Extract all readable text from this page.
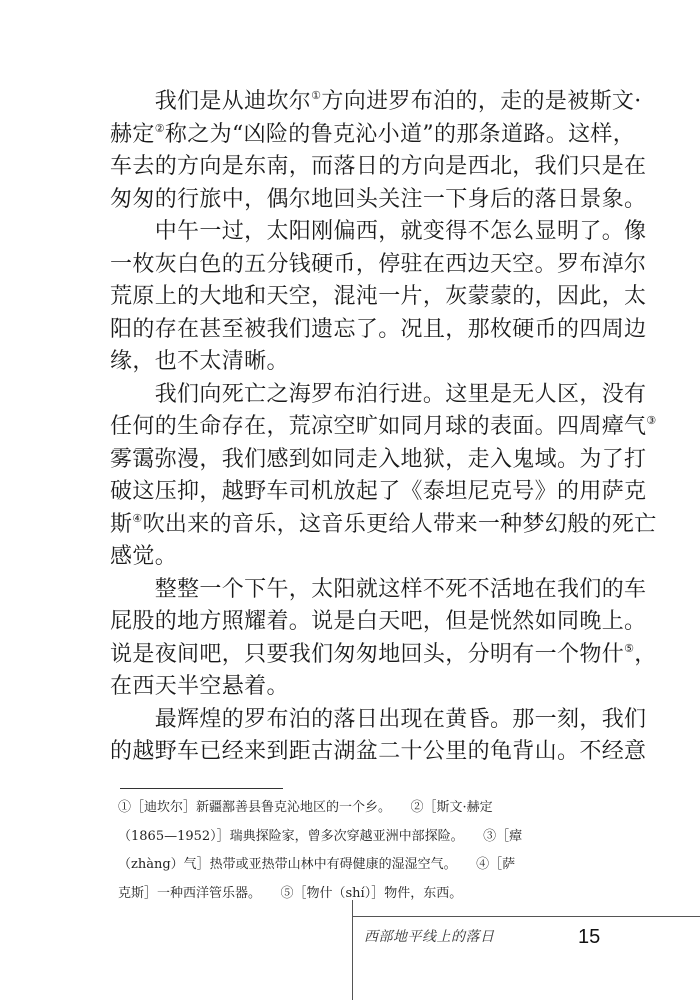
　　我们是从迪坎尔①方向进罗布泊的，走的是被斯文·
赫定②称之为“凶险的鲁克沁小道”的那条道路。这样，
车去的方向是东南，而落日的方向是西北，我们只是在
匆匆的行旅中，偶尔地回头关注一下身后的落日景象。
　　中午一过，太阳刚偏西，就变得不怎么显明了。像
一枚灰白色的五分钱硬币，停驻在西边天空。罗布淖尔
荒原上的大地和天空，混沌一片，灰蒙蒙的，因此，太
阳的存在甚至被我们遗忘了。况且，那枚硬币的四周边
缘，也不太清晰。
　　我们向死亡之海罗布泊行进。这里是无人区，没有
任何的生命存在，荒凉空旷如同月球的表面。四周瘴气③
雾霭弥漫，我们感到如同走入地狱，走入鬼域。为了打
破这压抑，越野车司机放起了《泰坦尼克号》的用萨克
斯④吹出来的音乐，这音乐更给人带来一种梦幻般的死亡
感觉。
　　整整一个下午，太阳就这样不死不活地在我们的车
屁股的地方照耀着。说是白天吧，但是恍然如同晚上。
说是夜间吧，只要我们匆匆地回头，分明有一个物什⑤，
在西天半空悬着。
　　最辉煌的罗布泊的落日出现在黄昏。那一刻，我们
的越野车已经来到距古湖盆二十公里的龟背山。不经意
①［迪坎尔］新疆鄯善县鲁克沁地区的一个乡。　　②［斯文·赫定
（1865—1952）］瑞典探险家，曾多次穿越亚洲中部探险。　　③［瘴
（zhàng）气］热带或亚热带山林中有碍健康的湿湿空气。　　④［萨
克斯］一种西洋管乐器。　　⑤［物什（shí）］物件，东西。
西部地平线上的落日	15
